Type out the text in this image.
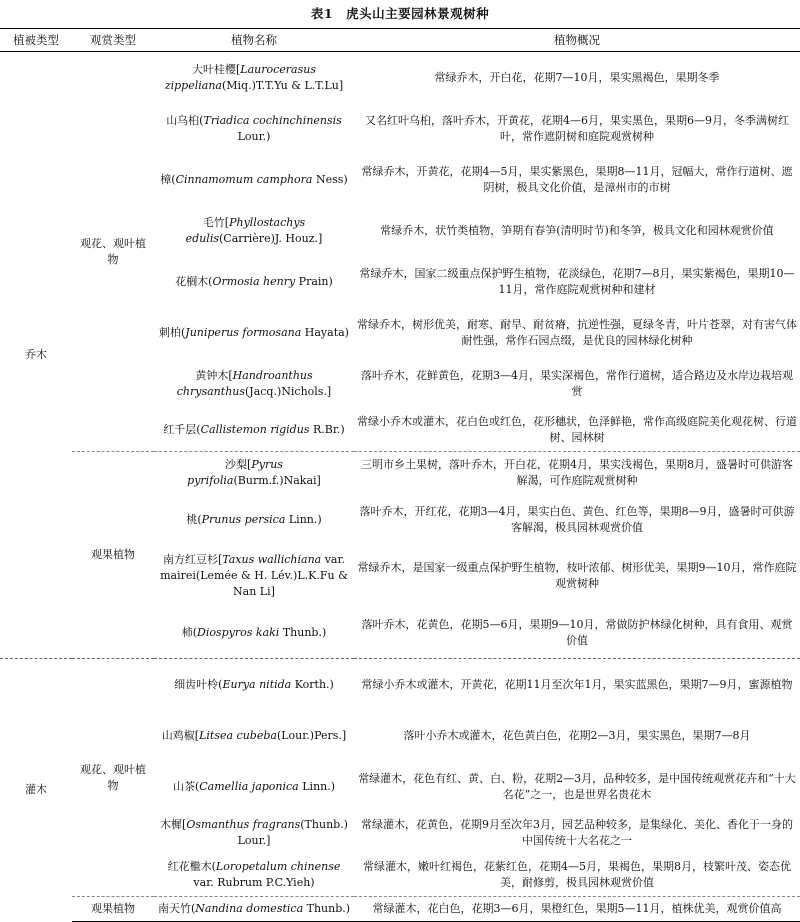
表1　虎头山主要园林景观树种
植被类型	观赏类型	植物名称	植物概况
乔木	观花、观叶植物	大叶桂樱[Laurocerasus zippeliana(Miq.)T.T.Yu & L.T.Lu]	常绿乔木，开白花，花期7—10月，果实黑褐色，果期冬季
		山乌桕(Triadica cochinchinensis Lour.)	又名红叶乌桕，落叶乔木，开黄花，花期4—6月，果实黑色，果期6—9月，冬季满树红叶，常作遮阴树和庭院观赏树种
		樟(Cinnamomum camphora Ness)	常绿乔木，开黄花，花期4—5月，果实紫黑色，果期8—11月，冠幅大，常作行道树、遮阴树，极具文化价值，是漳州市的市树
		毛竹[Phyllostachys edulis(Carrière)J. Houz.]	常绿乔木，状竹类植物，笋期有春笋(清明时节)和冬笋，极具文化和园林观赏价值
		花榈木(Ormosia henry Prain)	常绿乔木，国家二级重点保护野生植物，花淡绿色，花期7—8月，果实紫褐色，果期10—11月，常作庭院观赏树种和建材
		刺柏(Juniperus formosana Hayata)	常绿乔木，树形优美，耐寒、耐旱、耐贫瘠，抗逆性强，夏绿冬青，叶片苍翠，对有害气体耐性强，常作石园点缀，是优良的园林绿化树种
		黄钟木[Handroanthus chrysanthus(Jacq.)Nichols.]	落叶乔木，花鲜黄色，花期3—4月，果实深褐色，常作行道树，适合路边及水岸边栽培观赏
		红千层(Callistemon rigidus R.Br.)	常绿小乔木或灌木，花白色或红色，花形穗状，色泽鲜艳，常作高级庭院美化观花树、行道树、园林树
	观果植物	沙梨[Pyrus pyrifolia(Burm.f.)Nakai]	三明市乡土果树，落叶乔木，开白花，花期4月，果实浅褐色，果期8月，盛暑时可供游客解渴，可作庭院观赏树种
		桃(Prunus persica Linn.)	落叶乔木，开红花，花期3—4月，果实白色、黄色、红色等，果期8—9月，盛暑时可供游客解渴，极具园林观赏价值
		南方红豆杉[Taxus wallichiana var. mairei(Lemée & H. Lév.)L.K.Fu & Nan Li]	常绿乔木，是国家一级重点保护野生植物，枝叶浓郁、树形优美，果期9—10月，常作庭院观赏树种
		柿(Diospyros kaki Thunb.)	落叶乔木，花黄色，花期5—6月，果期9—10月，常做防护林绿化树种，具有食用、观赏价值
灌木	观花、观叶植物	细齿叶柃(Eurya nitida Korth.)	常绿小乔木或灌木，开黄花，花期11月至次年1月，果实蓝黑色，果期7—9月，蜜源植物
		山鸡椒[Litsea cubeba(Lour.)Pers.]	落叶小乔木或灌木，花色黄白色，花期2—3月，果实黑色，果期7—8月
		山茶(Camellia japonica Linn.)	常绿灌木，花色有红、黄、白、粉，花期2—3月，品种较多，是中国传统观赏花卉和“十大名花”之一，也是世界名贵花木
		木樨[Osmanthus fragrans(Thunb.) Lour.]	常绿灌木，花黄色，花期9月至次年3月，园艺品种较多，是集绿化、美化、香化于一身的中国传统十大名花之一
		红花檵木(Loropetalum chinense var. Rubrum P.C.Yieh)	常绿灌木，嫩叶红褐色，花紫红色，花期4—5月，果褐色，果期8月，枝繁叶茂、姿态优美，耐修剪，极具园林观赏价值
	观果植物	南天竹(Nandina domestica Thunb.)	常绿灌木，花白色，花期3—6月，果橙红色，果期5—11月，植株优美，观赏价值高
